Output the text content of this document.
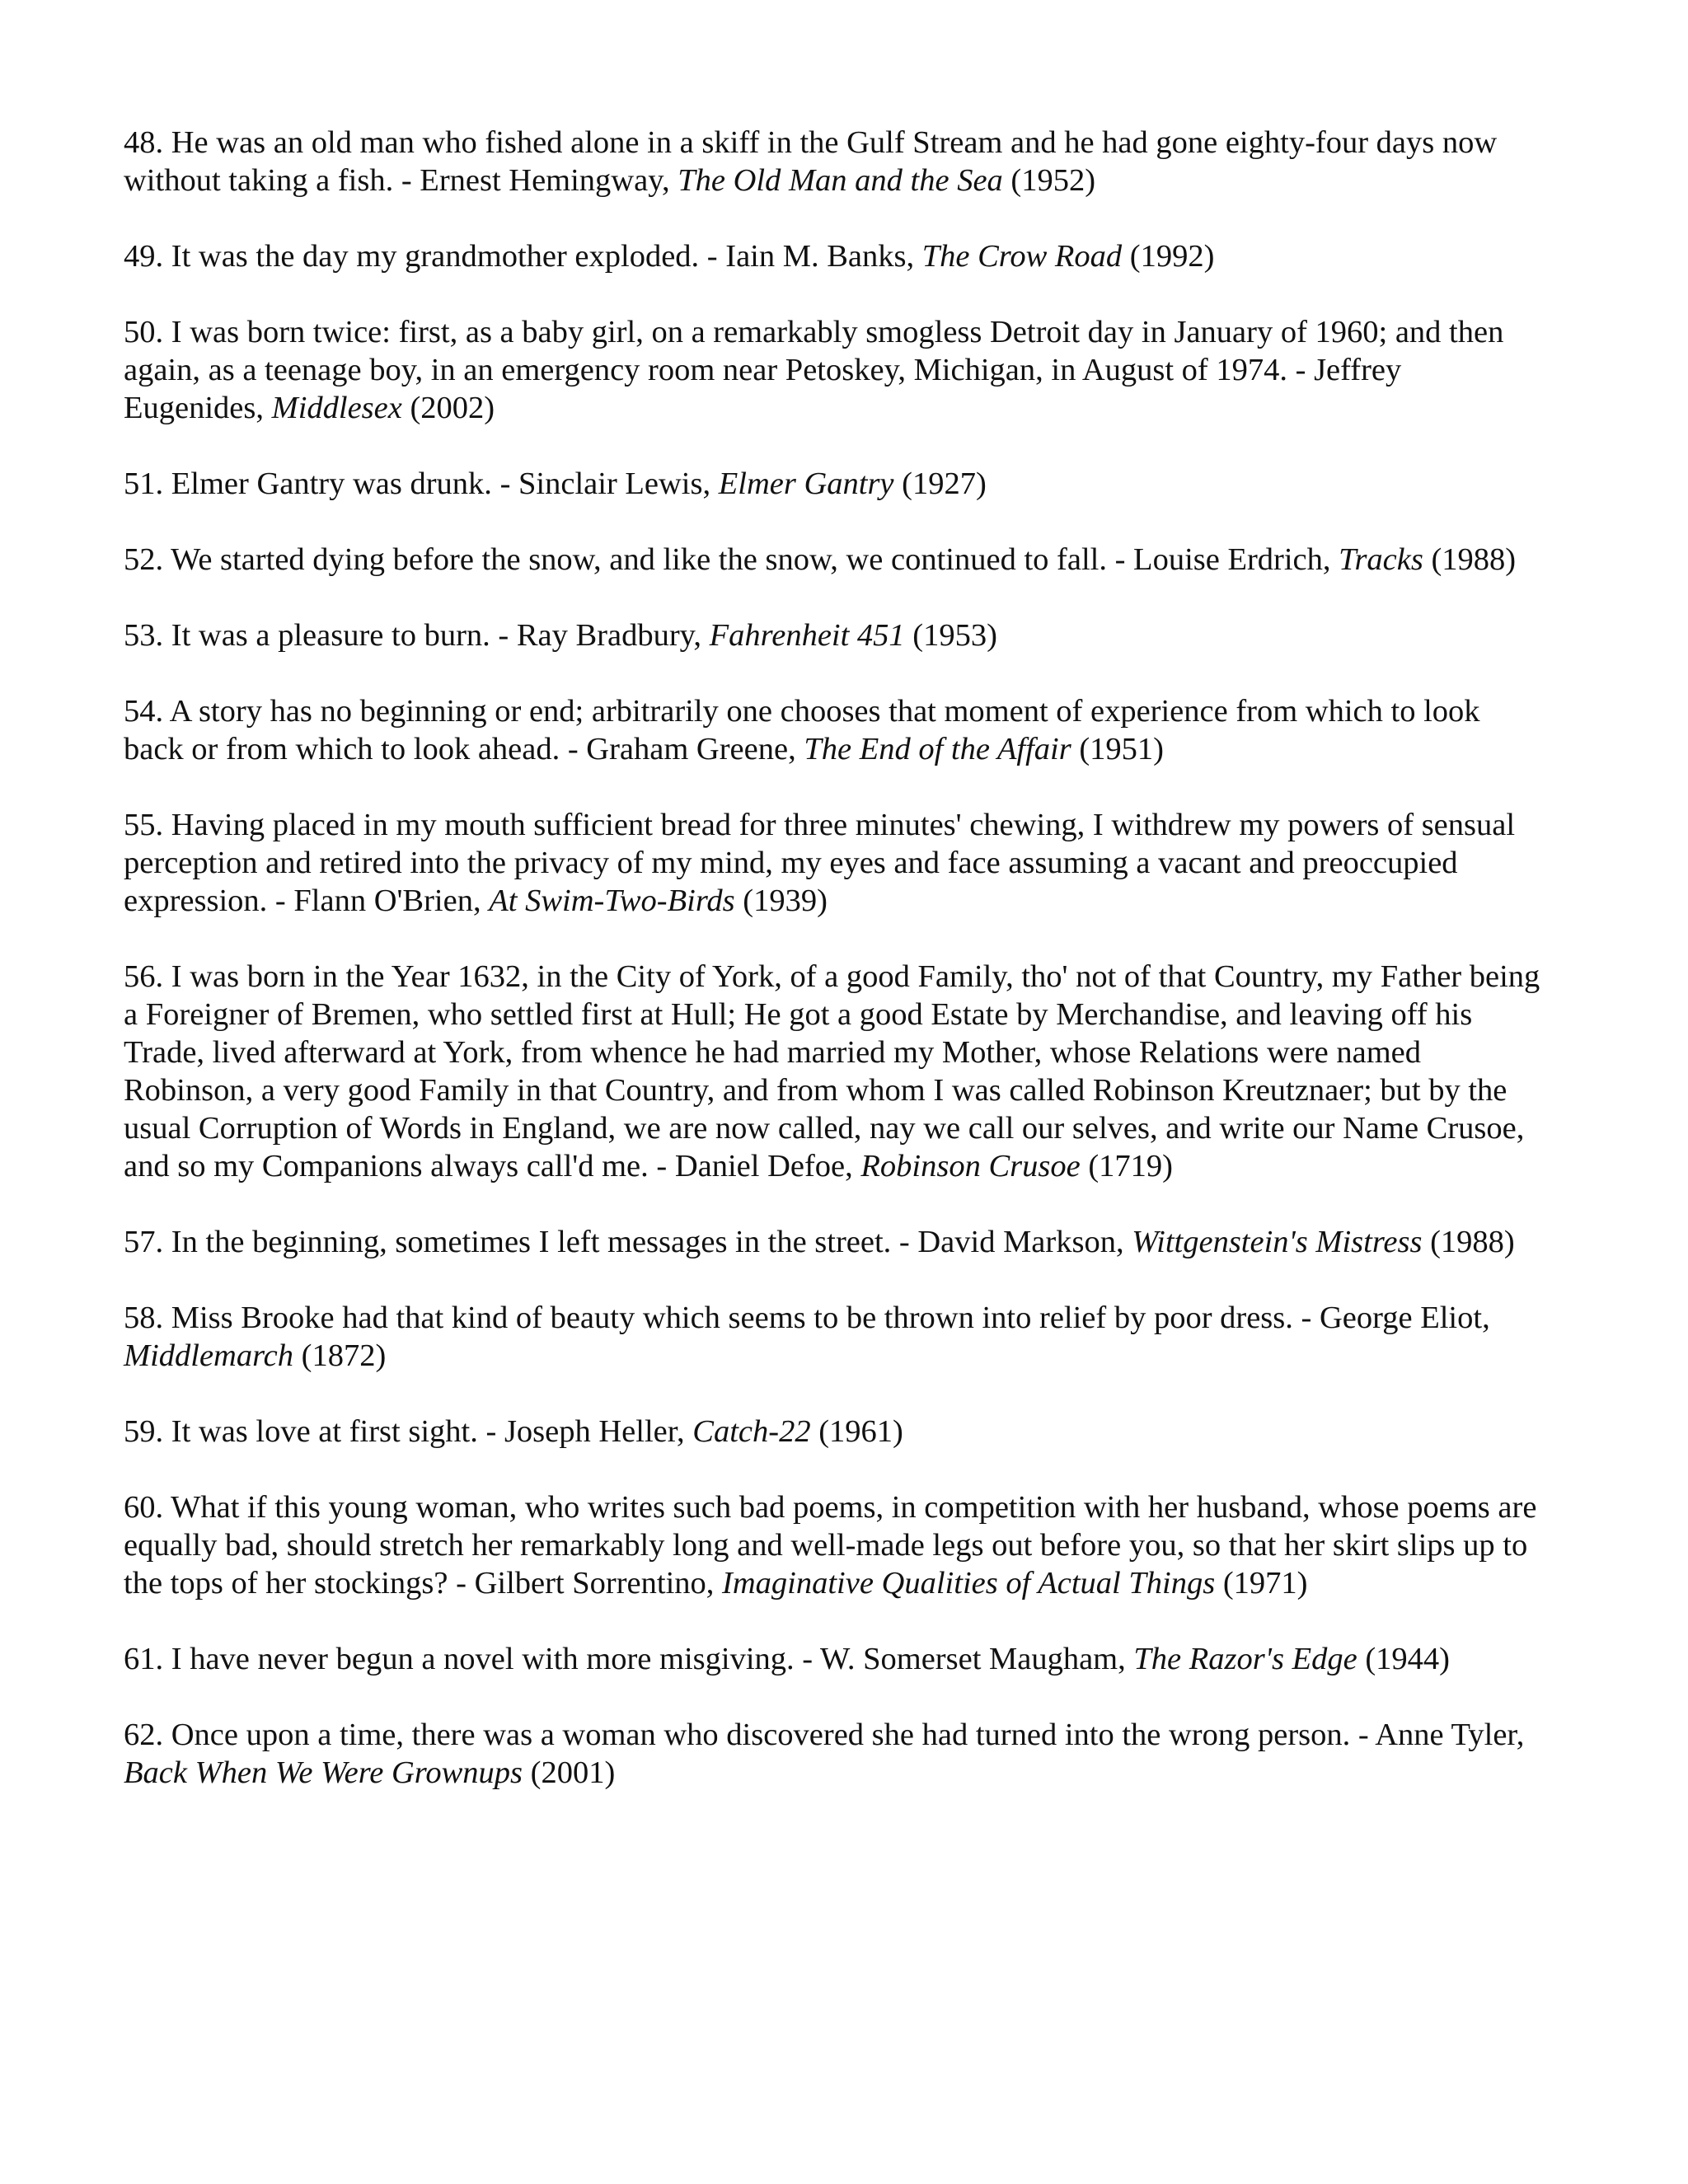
48. He was an old man who fished alone in a skiff in the Gulf Stream and he had gone eighty-four days now without taking a fish. - Ernest Hemingway, The Old Man and the Sea (1952)

49. It was the day my grandmother exploded. - Iain M. Banks, The Crow Road (1992)

50. I was born twice: first, as a baby girl, on a remarkably smogless Detroit day in January of 1960; and then again, as a teenage boy, in an emergency room near Petoskey, Michigan, in August of 1974. - Jeffrey Eugenides, Middlesex (2002)

51. Elmer Gantry was drunk. - Sinclair Lewis, Elmer Gantry (1927)

52. We started dying before the snow, and like the snow, we continued to fall. - Louise Erdrich, Tracks (1988)

53. It was a pleasure to burn. - Ray Bradbury, Fahrenheit 451 (1953)

54. A story has no beginning or end; arbitrarily one chooses that moment of experience from which to look back or from which to look ahead. - Graham Greene, The End of the Affair (1951)

55. Having placed in my mouth sufficient bread for three minutes' chewing, I withdrew my powers of sensual perception and retired into the privacy of my mind, my eyes and face assuming a vacant and preoccupied expression. - Flann O'Brien, At Swim-Two-Birds (1939)

56. I was born in the Year 1632, in the City of York, of a good Family, tho' not of that Country, my Father being a Foreigner of Bremen, who settled first at Hull; He got a good Estate by Merchandise, and leaving off his Trade, lived afterward at York, from whence he had married my Mother, whose Relations were named Robinson, a very good Family in that Country, and from whom I was called Robinson Kreutznaer; but by the usual Corruption of Words in England, we are now called, nay we call our selves, and write our Name Crusoe, and so my Companions always call'd me. - Daniel Defoe, Robinson Crusoe (1719)

57. In the beginning, sometimes I left messages in the street. - David Markson, Wittgenstein's Mistress (1988)

58. Miss Brooke had that kind of beauty which seems to be thrown into relief by poor dress. - George Eliot, Middlemarch (1872)

59. It was love at first sight. - Joseph Heller, Catch-22 (1961)

60. What if this young woman, who writes such bad poems, in competition with her husband, whose poems are equally bad, should stretch her remarkably long and well-made legs out before you, so that her skirt slips up to the tops of her stockings? - Gilbert Sorrentino, Imaginative Qualities of Actual Things (1971)

61. I have never begun a novel with more misgiving. - W. Somerset Maugham, The Razor's Edge (1944)

62. Once upon a time, there was a woman who discovered she had turned into the wrong person. - Anne Tyler, Back When We Were Grownups (2001)
